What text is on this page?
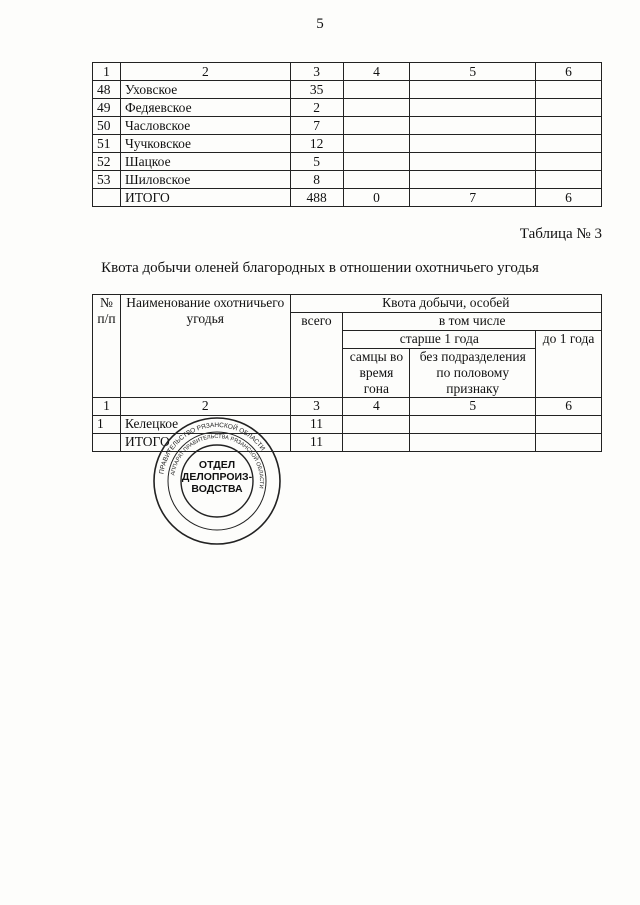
5
1	2	3	4	5	6
48	Уховское	35			
49	Федяевское	2			
50	Часловское	7			
51	Чучковское	12			
52	Шацкое	5			
53	Шиловское	8			
	ИТОГО	488	0	7	6
Таблица № 3
Квота добычи оленей благородных в отношении охотничьего угодья
№ п/п	Наименование охотничьего угодья	Квота добычи, особей			
		всего	в том числе		
			старше 1 года		до 1 года
			самцы во время гона	без подразделения по половому признаку	
1	2	3	4	5	6
1	Келецкое	11			
	ИТОГО	11			
ПРАВИТЕЛЬСТВО РЯЗАНСКОЙ ОБЛАСТИ
АППАРАТ ПРАВИТЕЛЬСТВА РЯЗАНСКОЙ ОБЛАСТИ
ОТДЕЛ
ДЕЛОПРОИЗ-
ВОДСТВА
